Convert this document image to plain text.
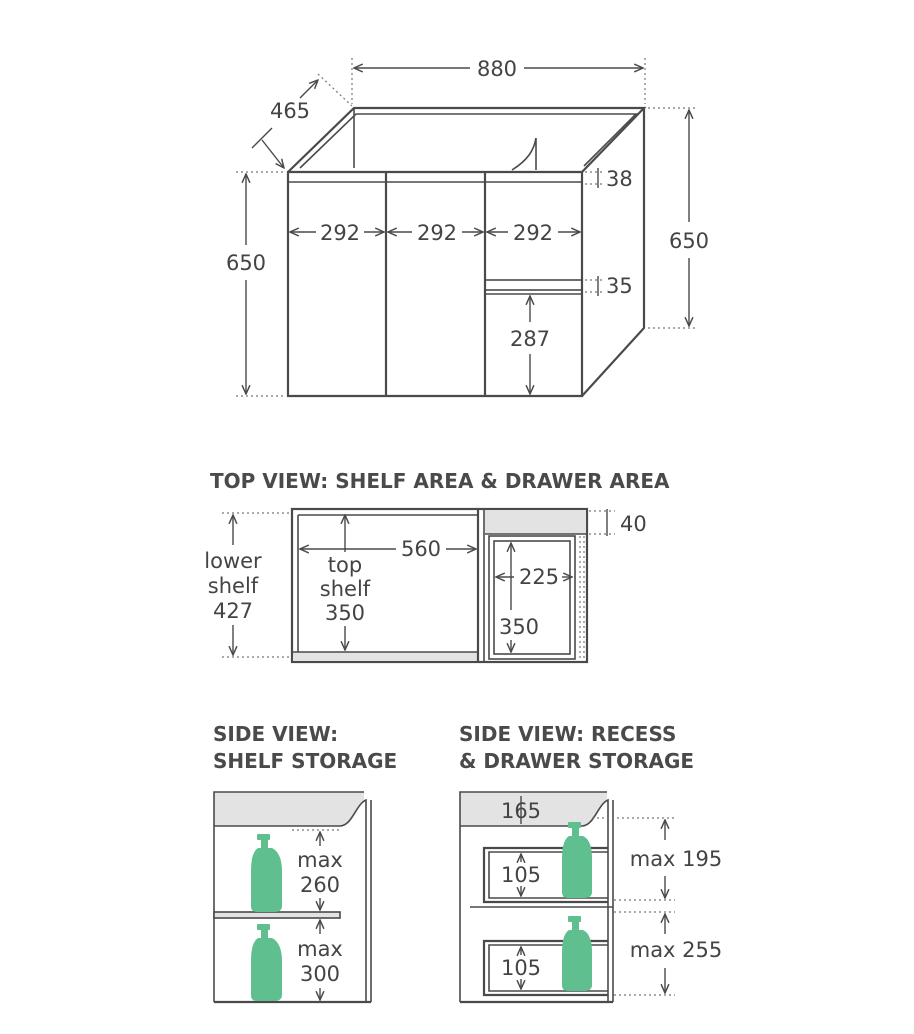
880
465
650
650
292	292	292
38
35
287
TOP VIEW: SHELF AREA & DRAWER AREA
40
lower
shelf
427
top
shelf
350
560
225
350
SIDE VIEW:
SHELF STORAGE
max
260
max
300
SIDE VIEW: RECESS
& DRAWER STORAGE
165
105
105
max 195
max 255
